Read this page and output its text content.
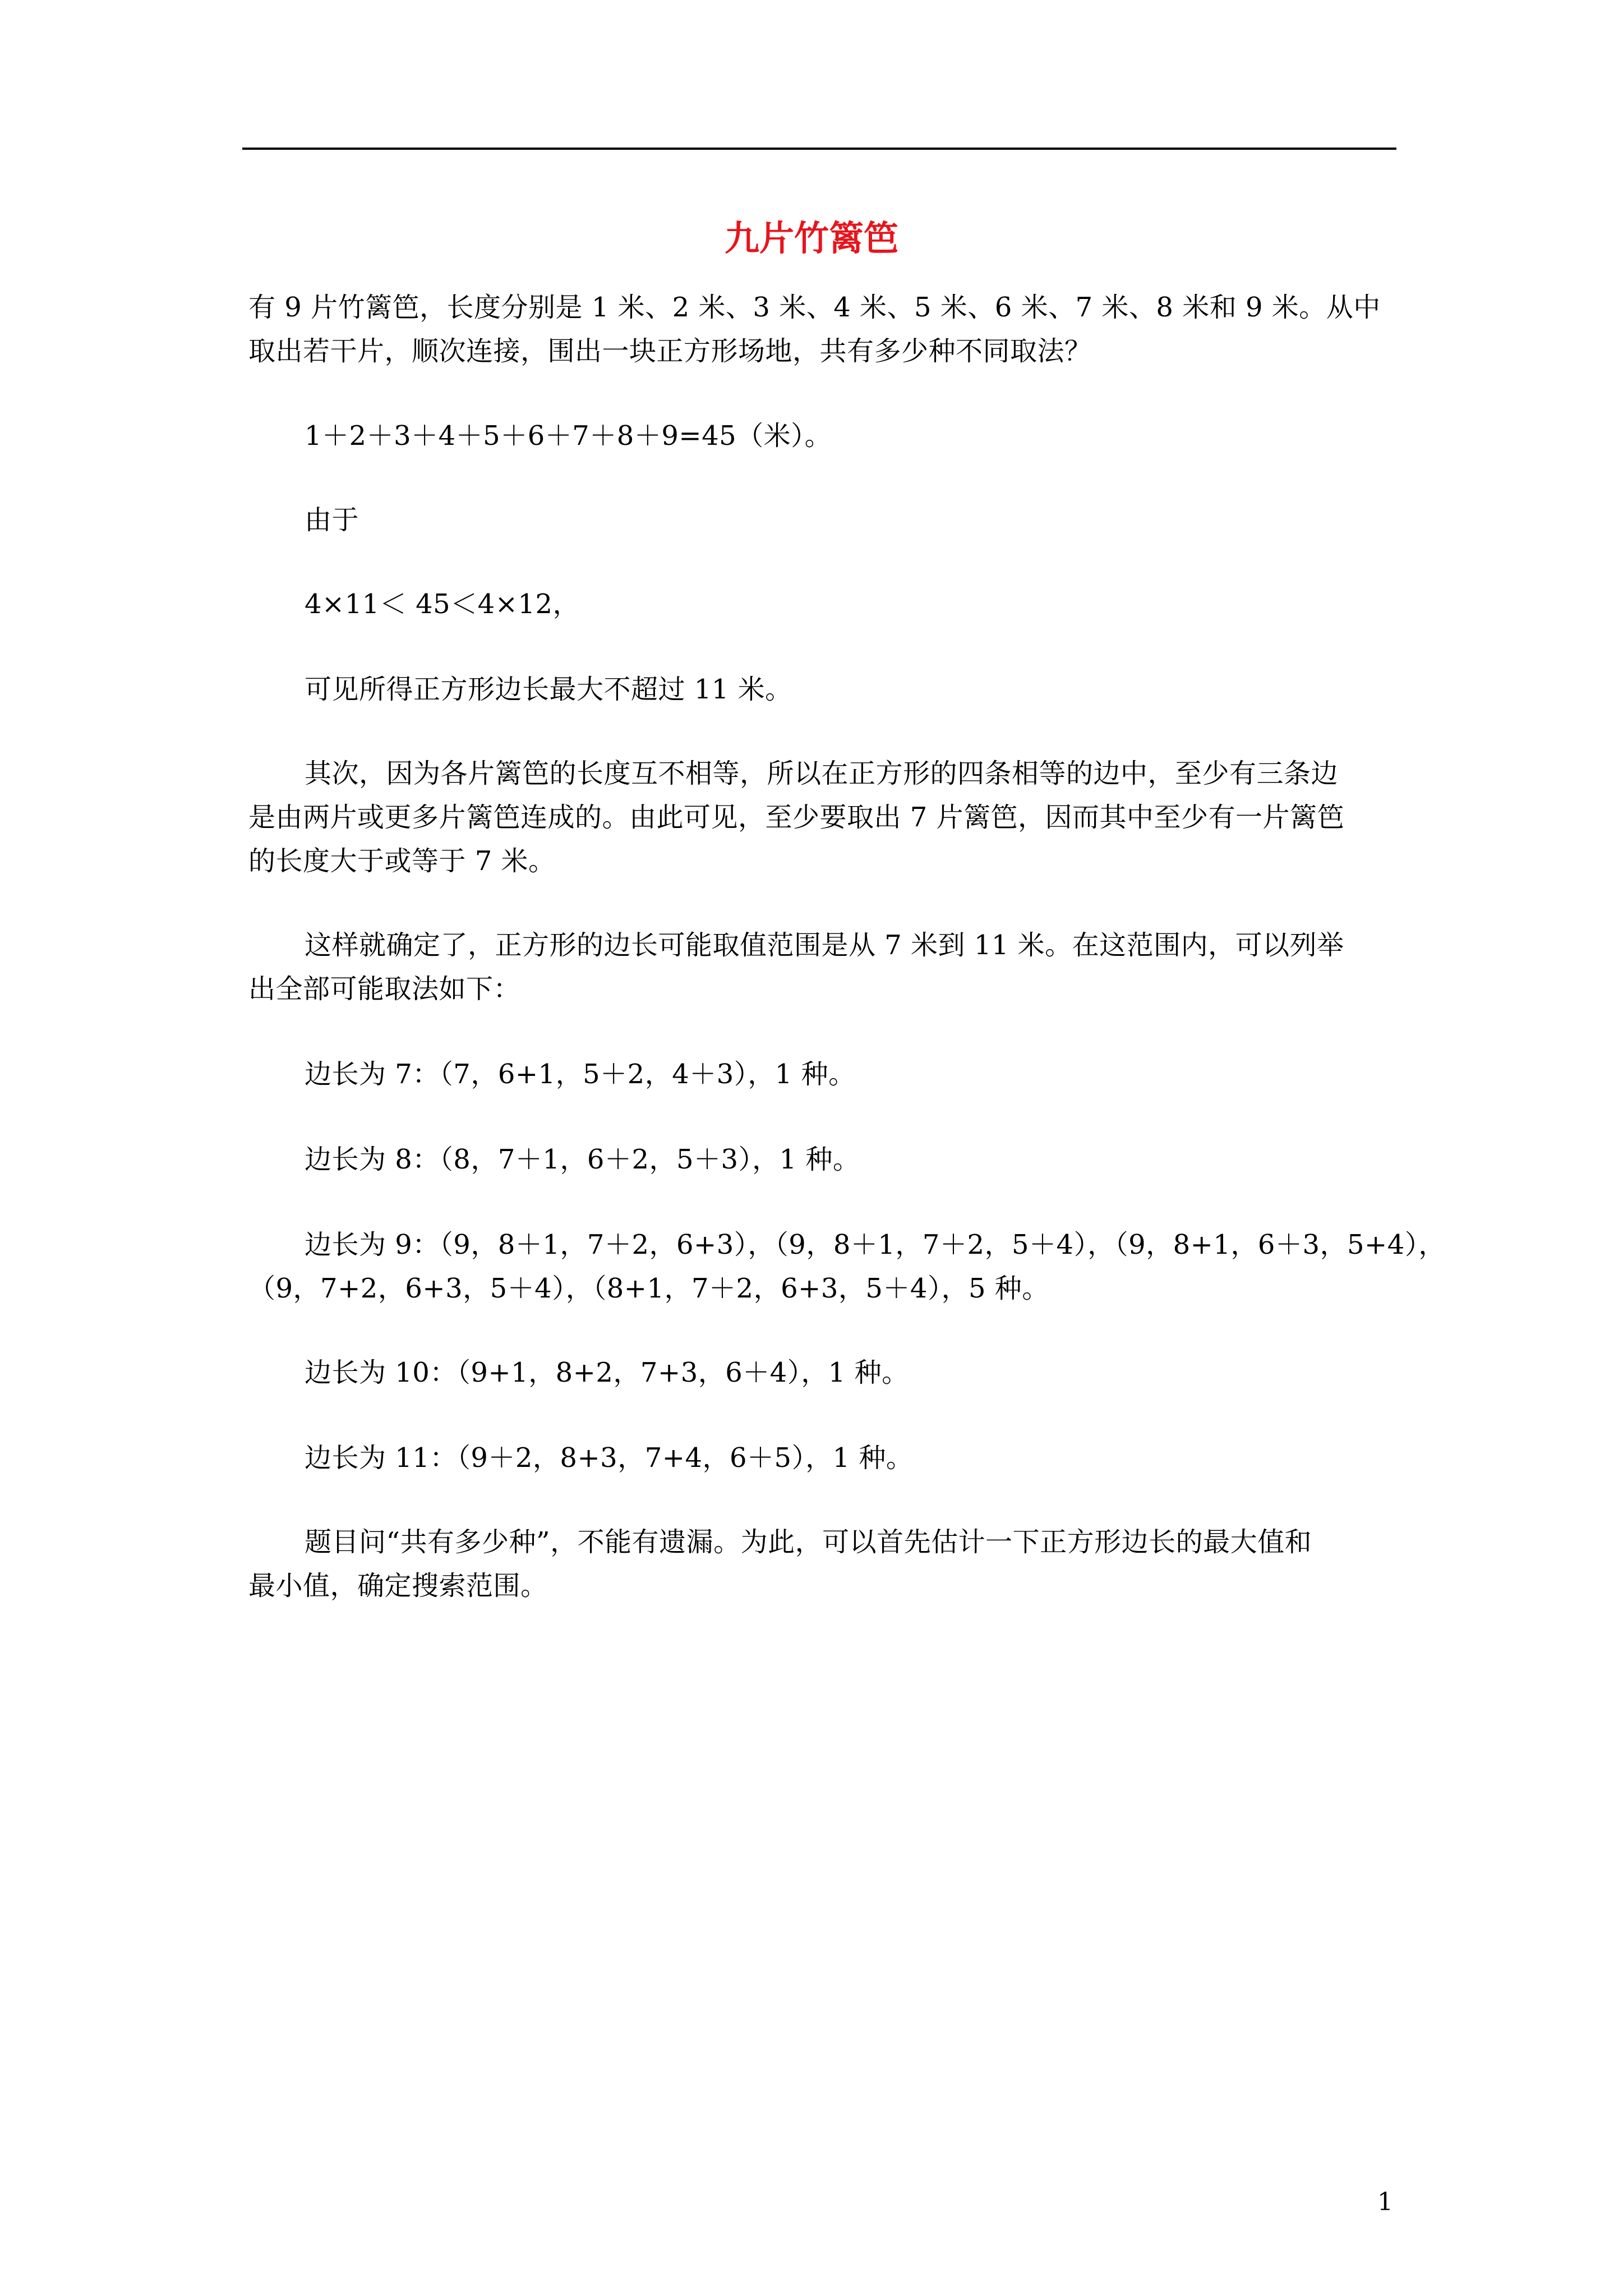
九片竹篱笆

有 9 片竹篱笆，长度分别是 1 米、2 米、3 米、4 米、5 米、6 米、7 米、8 米和 9 米。从中

取出若干片，顺次连接，围出一块正方形场地，共有多少种不同取法？

1＋2＋3＋4＋5＋6＋7＋8＋9=45（米）。

由于

4×11＜ 45＜4×12，

可见所得正方形边长最大不超过 11 米。

其次，因为各片篱笆的长度互不相等，所以在正方形的四条相等的边中，至少有三条边

是由两片或更多片篱笆连成的。由此可见，至少要取出 7 片篱笆，因而其中至少有一片篱笆

的长度大于或等于 7 米。

这样就确定了，正方形的边长可能取值范围是从 7 米到 11 米。在这范围内，可以列举

出全部可能取法如下：

边长为 7：（7，6+1，5＋2，4＋3），1 种。

边长为 8：（8，7＋1，6＋2，5＋3），1 种。

边长为 9：（9，8＋1，7＋2，6+3），（9，8＋1，7＋2，5＋4），（9，8+1，6＋3，5+4），

（9，7+2，6+3，5＋4），（8+1，7＋2，6+3，5＋4），5 种。

边长为 10：（9+1，8+2，7+3，6＋4），1 种。

边长为 11：（9＋2，8+3，7+4，6＋5），1 种。

题目问“共有多少种”，不能有遗漏。为此，可以首先估计一下正方形边长的最大值和

最小值，确定搜索范围。

1
